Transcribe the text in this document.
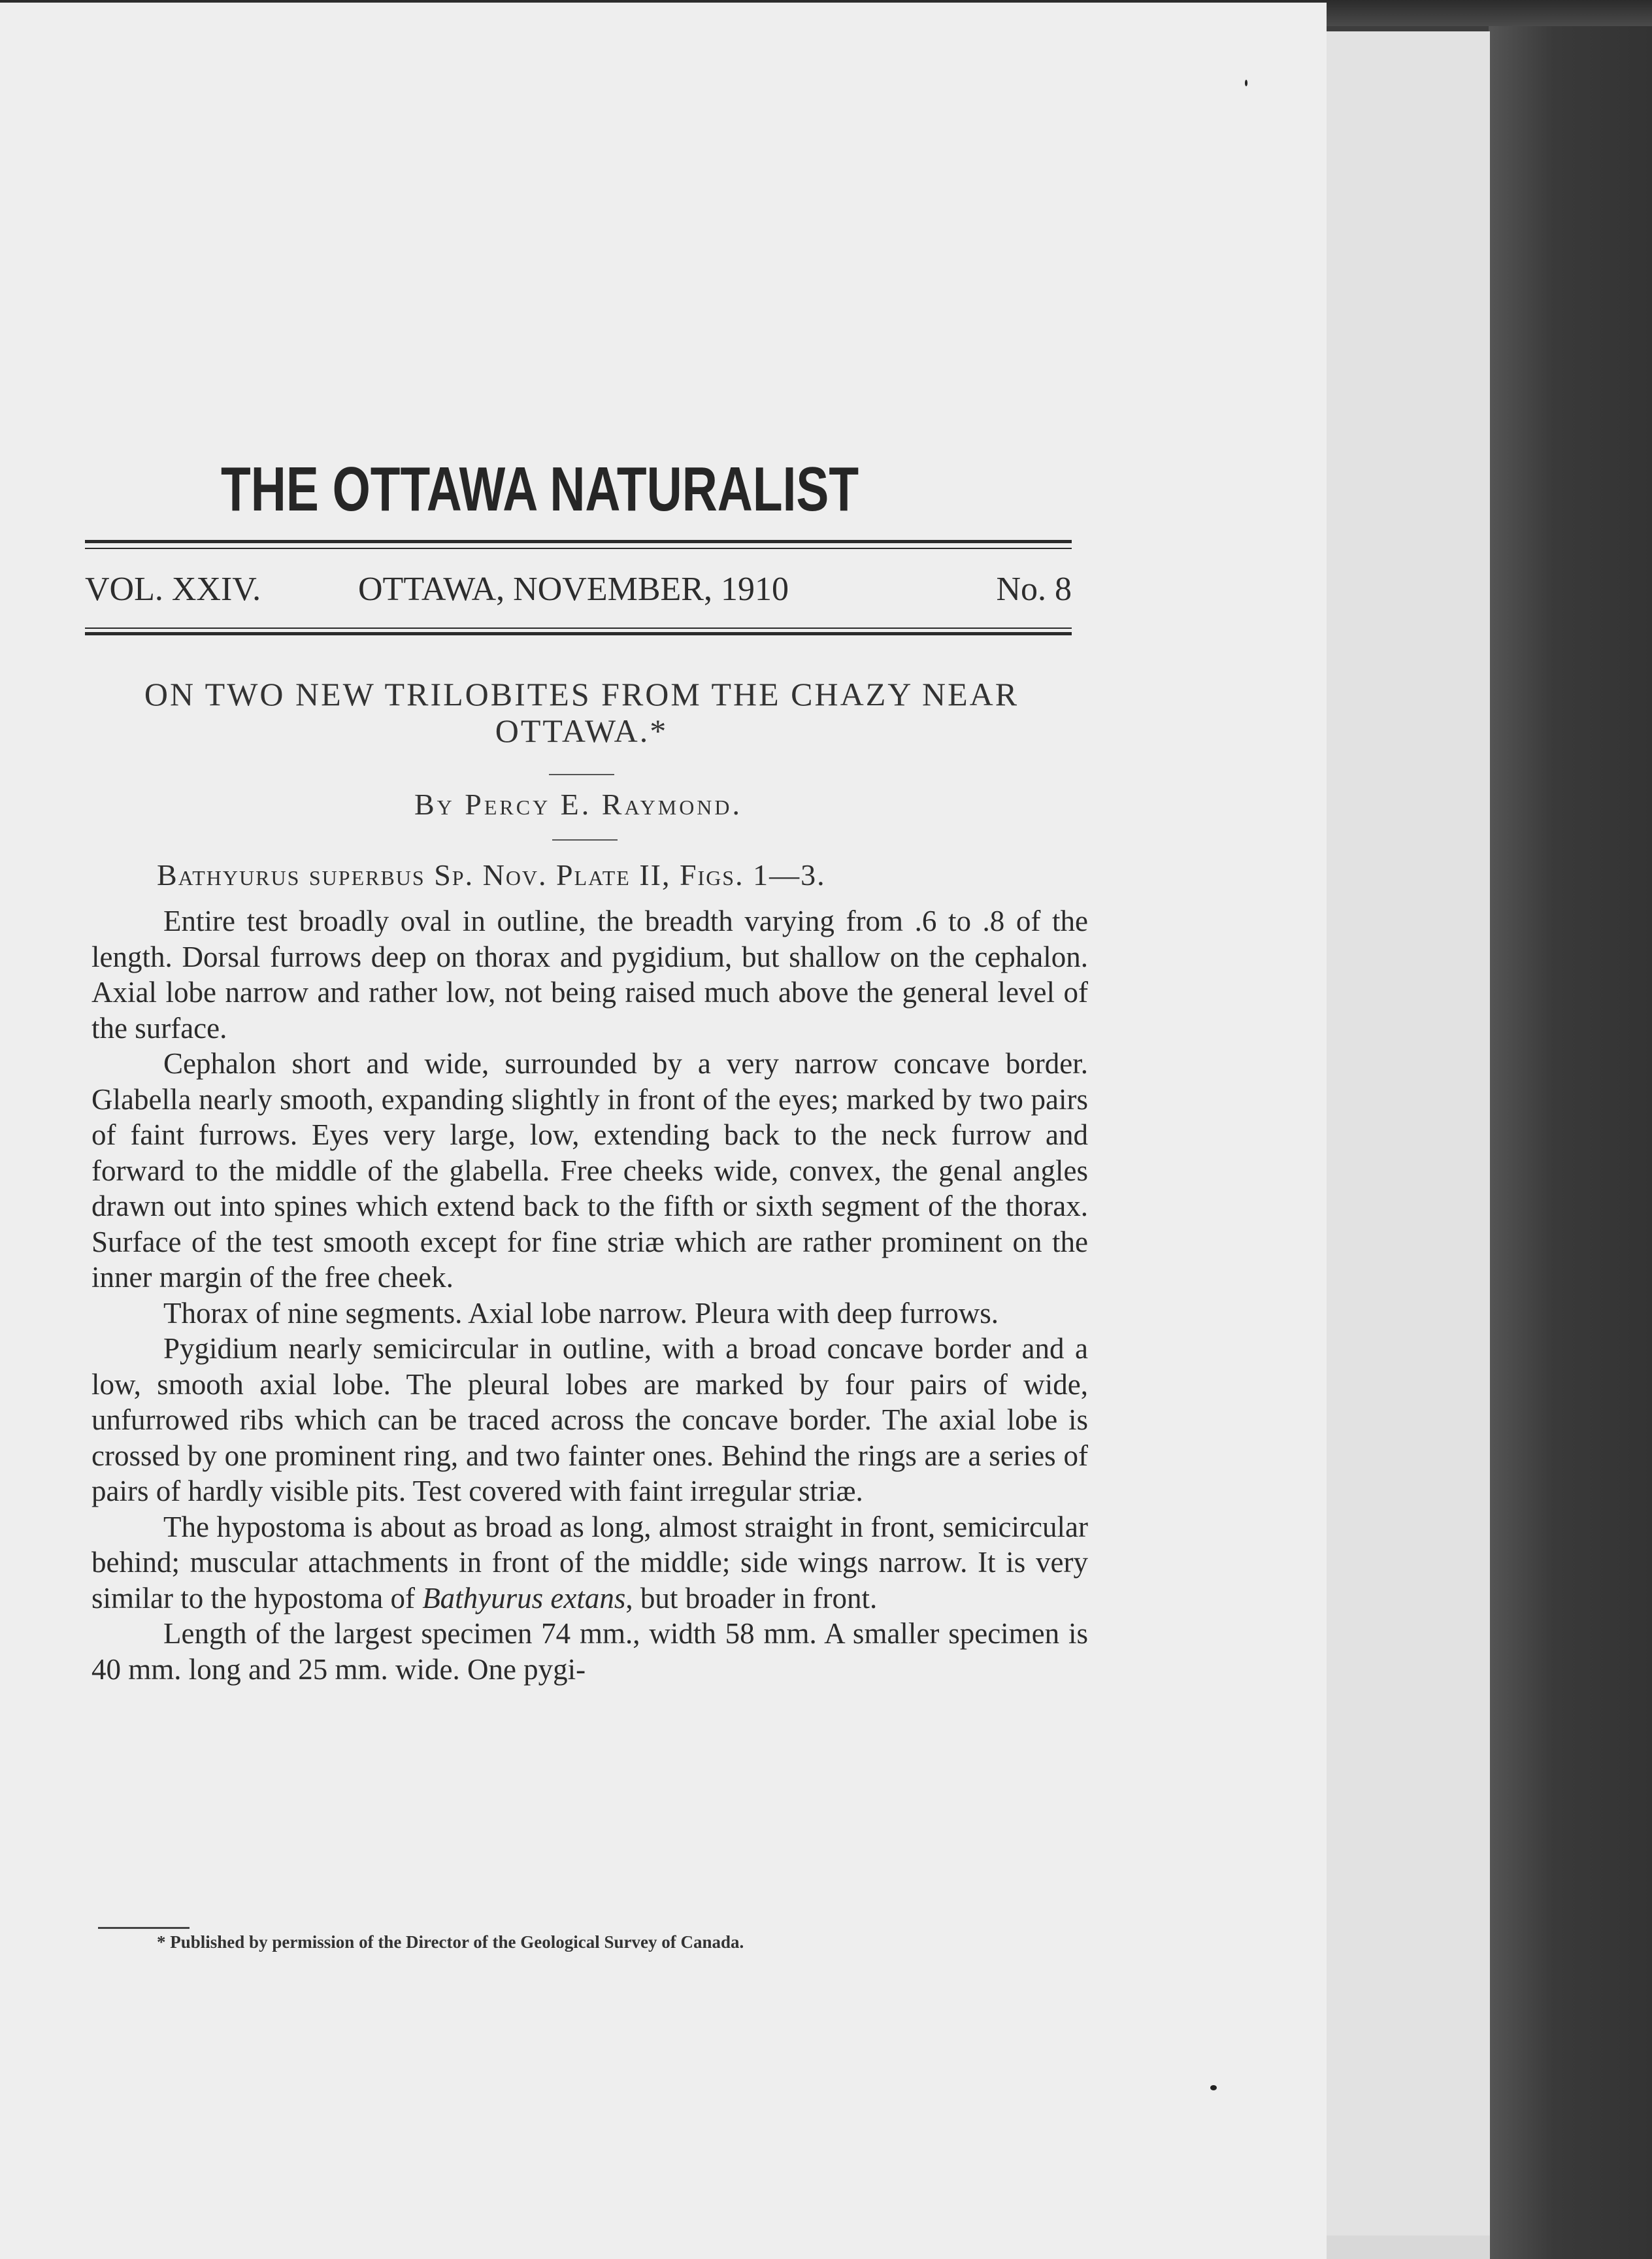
THE OTTAWA NATURALIST
VOL. XXIV.	OTTAWA, NOVEMBER, 1910	No. 8
ON TWO NEW TRILOBITES FROM THE CHAZY NEAR
OTTAWA.*
By Percy E. Raymond.
Bathyurus superbus Sp. Nov. Plate II, Figs. 1—3.

Entire test broadly oval in outline, the breadth varying from .6 to .8 of the length. Dorsal furrows deep on thorax and pygidium, but shallow on the cephalon. Axial lobe narrow and rather low, not being raised much above the general level of the surface.

Cephalon short and wide, surrounded by a very narrow concave border. Glabella nearly smooth, expanding slightly in front of the eyes; marked by two pairs of faint furrows. Eyes very large, low, extending back to the neck furrow and forward to the middle of the glabella. Free cheeks wide, convex, the genal angles drawn out into spines which extend back to the fifth or sixth segment of the thorax. Surface of the test smooth except for fine striæ which are rather prominent on the inner margin of the free cheek.

Thorax of nine segments. Axial lobe narrow. Pleura with deep furrows.

Pygidium nearly semicircular in outline, with a broad concave border and a low, smooth axial lobe. The pleural lobes are marked by four pairs of wide, unfurrowed ribs which can be traced across the concave border. The axial lobe is crossed by one prominent ring, and two fainter ones. Behind the rings are a series of pairs of hardly visible pits. Test covered with faint irregular striæ.

The hypostoma is about as broad as long, almost straight in front, semicircular behind; muscular attachments in front of the middle; side wings narrow. It is very similar to the hypostoma of Bathyurus extans, but broader in front.

Length of the largest specimen 74 mm., width 58 mm. A smaller specimen is 40 mm. long and 25 mm. wide. One pygi-

* Published by permission of the Director of the Geological Survey of Canada.
